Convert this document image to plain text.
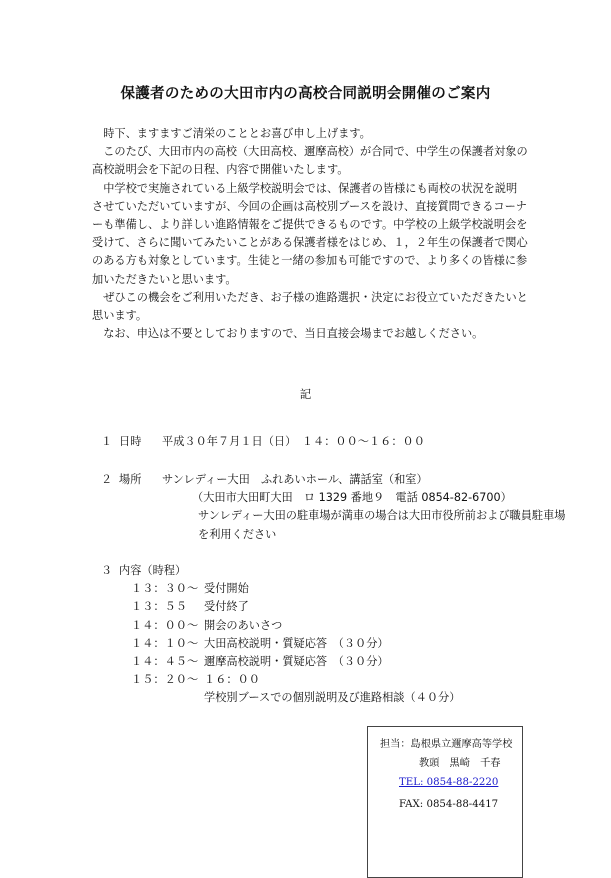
保護者のための大田市内の高校合同説明会開催のご案内

時下、ますますご清栄のこととお喜び申し上げます。

このたび、大田市内の高校（大田高校、邇摩高校）が合同で、中学生の保護者対象の高校説明会を下記の日程、内容で開催いたします。

中学校で実施されている上級学校説明会では、保護者の皆様にも両校の状況を説明させていただいていますが、今回の企画は高校別ブースを設け、直接質問できるコーナーも準備し、より詳しい進路情報をご提供できるものです。中学校の上級学校説明会を受けて、さらに聞いてみたいことがある保護者様をはじめ、１，２年生の保護者で関心のある方も対象としています。生徒と一緒の参加も可能ですので、より多くの皆様に参加いただきたいと思います。

ぜひこの機会をご利用いただき、お子様の進路選択・決定にお役立ていただきたいと思います。

なお、申込は不要としておりますので、当日直接会場までお越しください。

記
１ 日時 平成３０年７月１日（日）　１４：００〜１６：００
２ 場所 サンレディー大田　ふれあいホール、講話室（和室）
（大田市大田町大田　ロ 1329 番地９　電話 0854‑82‑6700）
サンレディー大田の駐車場が満車の場合は大田市役所前および職員駐車場
を利用ください
３ 内容（時程）
１３：３０〜 受付開始
１３：５５ 受付終了
１４：００〜 開会のあいさつ
１４：１０〜 大田高校説明・質疑応答　（３０分）
１４：４５〜 邇摩高校説明・質疑応答　（３０分）
１５：２０〜 １６：００
学校別ブースでの個別説明及び進路相談（４０分）
担当：島根県立邇摩高等学校
教頭　黒崎　千春
TEL: 0854-88-2220
FAX: 0854-88-4417
